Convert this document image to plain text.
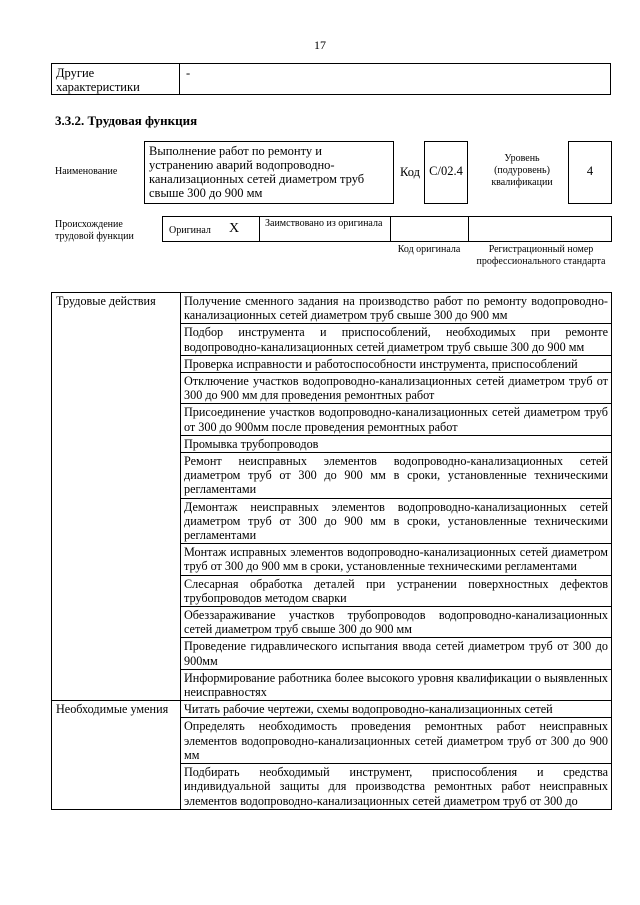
17
Другие характеристики
-
3.3.2. Трудовая функция
Наименование
Выполнение работ по ремонту и устранению аварий водопроводно-канализационных сетей диаметром труб свыше 300 до 900 мм
Код C/02.4
Уровень (подуровень) квалификации
4
Происхождение трудовой функции
Оригинал X	Заимствовано из оригинала
Код оригинала	Регистрационный номер профессионального стандарта
Трудовые действия	Получение сменного задания на производство работ по ремонту водопроводно-канализационных сетей диаметром труб свыше 300 до 900 мм
	Подбор инструмента и приспособлений, необходимых при ремонте водопроводно-канализационных сетей диаметром труб свыше 300 до 900 мм
	Проверка исправности и работоспособности инструмента, приспособлений
	Отключение участков водопроводно-канализационных сетей диаметром труб от 300 до 900 мм для проведения ремонтных работ
	Присоединение участков водопроводно-канализационных сетей диаметром труб от 300 до 900мм после проведения ремонтных работ
	Промывка трубопроводов
	Ремонт неисправных элементов водопроводно-канализационных сетей диаметром труб от 300 до 900 мм в сроки, установленные техническими регламентами
	Демонтаж неисправных элементов водопроводно-канализационных сетей диаметром труб от 300 до 900 мм в сроки, установленные техническими регламентами
	Монтаж исправных элементов водопроводно-канализационных сетей диаметром труб от 300 до 900 мм в сроки, установленные техническими регламентами
	Слесарная обработка деталей при устранении поверхностных дефектов трубопроводов методом сварки
	Обеззараживание участков трубопроводов водопроводно-канализационных сетей диаметром труб свыше 300 до 900 мм
	Проведение гидравлического испытания ввода сетей диаметром труб от 300 до 900мм
	Информирование работника более высокого уровня квалификации о выявленных неисправностях
Необходимые умения	Читать рабочие чертежи, схемы водопроводно-канализационных сетей
	Определять необходимость проведения ремонтных работ неисправных элементов водопроводно-канализационных сетей диаметром труб от 300 до 900 мм
	Подбирать необходимый инструмент, приспособления и средства индивидуальной защиты для производства ремонтных работ неисправных элементов водопроводно-канализационных сетей диаметром труб от 300 до
